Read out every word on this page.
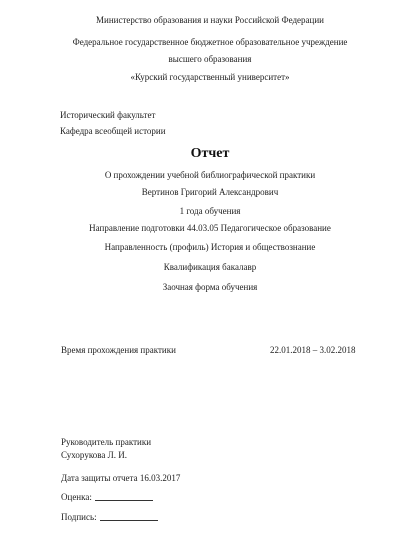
Министерство образования и науки Российской Федерации
Федеральное государственное бюджетное образовательное учреждение
высшего образования
«Курский государственный университет»
Исторический факультет
Кафедра всеобщей истории
Отчет
О прохождении учебной библиографической практики
Вертинов Григорий Александрович
1 года обучения
Направление подготовки 44.03.05 Педагогическое образование
Направленность (профиль) История и обществознание
Квалификация бакалавр
Заочная форма обучения
Время прохождения практики	22.01.2018 – 3.02.2018
Руководитель практики
Сухорукова Л. И.
Дата защиты отчета 16.03.2017
Оценка:
Подпись:
